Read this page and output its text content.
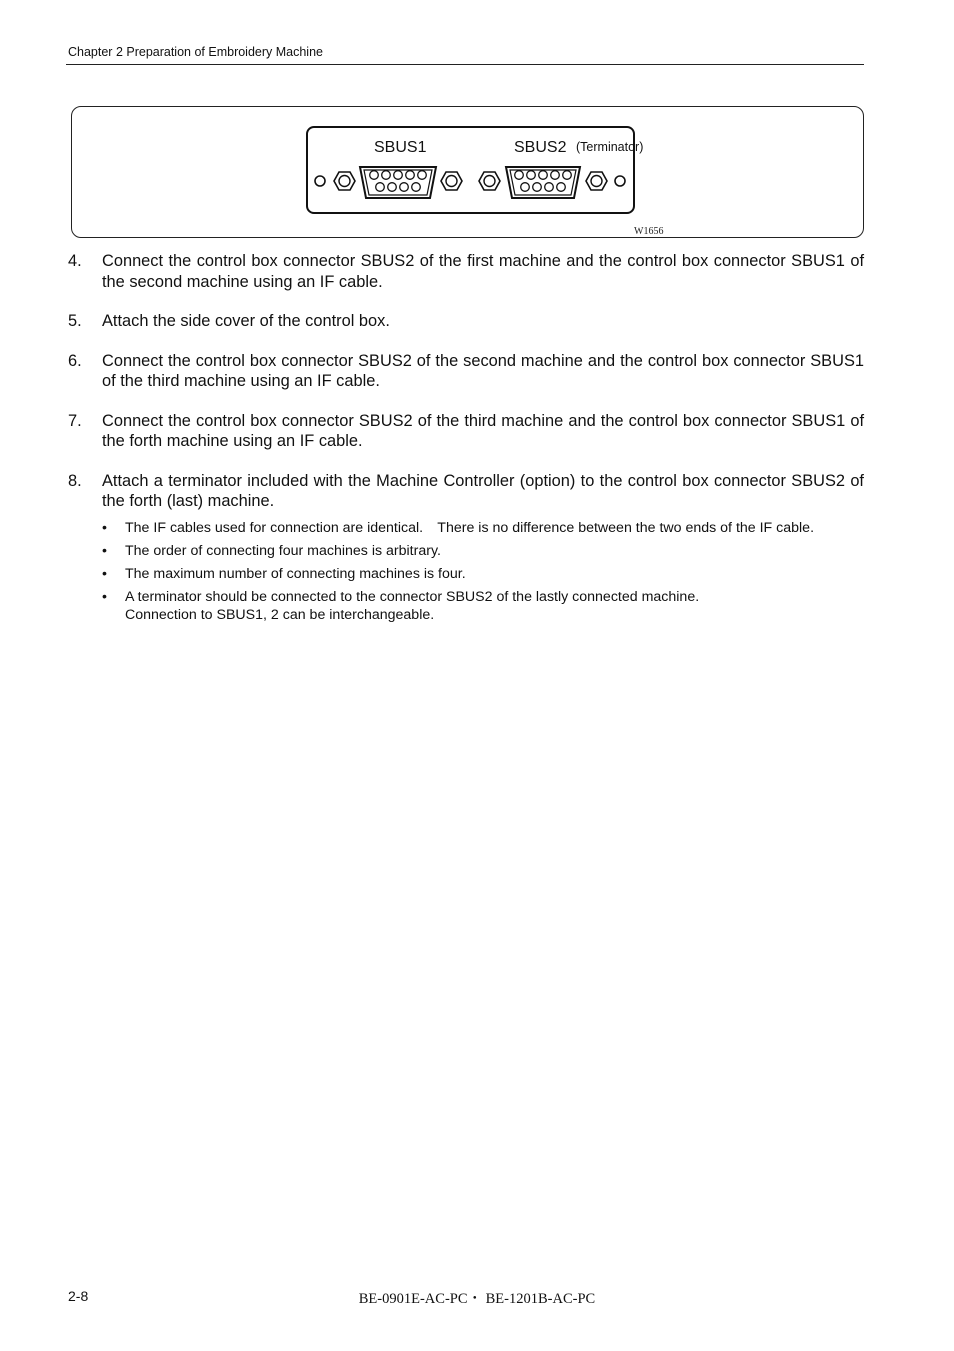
Chapter 2 Preparation of Embroidery Machine
SBUS1	SBUS2 (Terminator)
W1656
4. Connect the control box connector SBUS2 of the first machine and the control box connector SBUS1 of the second machine using an IF cable.
5. Attach the side cover of the control box.
6. Connect the control box connector SBUS2 of the second machine and the control box connector SBUS1 of the third machine using an IF cable.
7. Connect the control box connector SBUS2 of the third machine and the control box connector SBUS1 of the forth machine using an IF cable.
8. Attach a terminator included with the Machine Controller (option) to the control box connector SBUS2 of the forth (last) machine.
• The IF cables used for connection are identical.　There is no difference between the two ends of the IF cable.
• The order of connecting four machines is arbitrary.
• The maximum number of connecting machines is four.
• A terminator should be connected to the connector SBUS2 of the lastly connected machine.
Connection to SBUS1, 2 can be interchangeable.
2-8	BE-0901E-AC-PC・ BE-1201B-AC-PC
